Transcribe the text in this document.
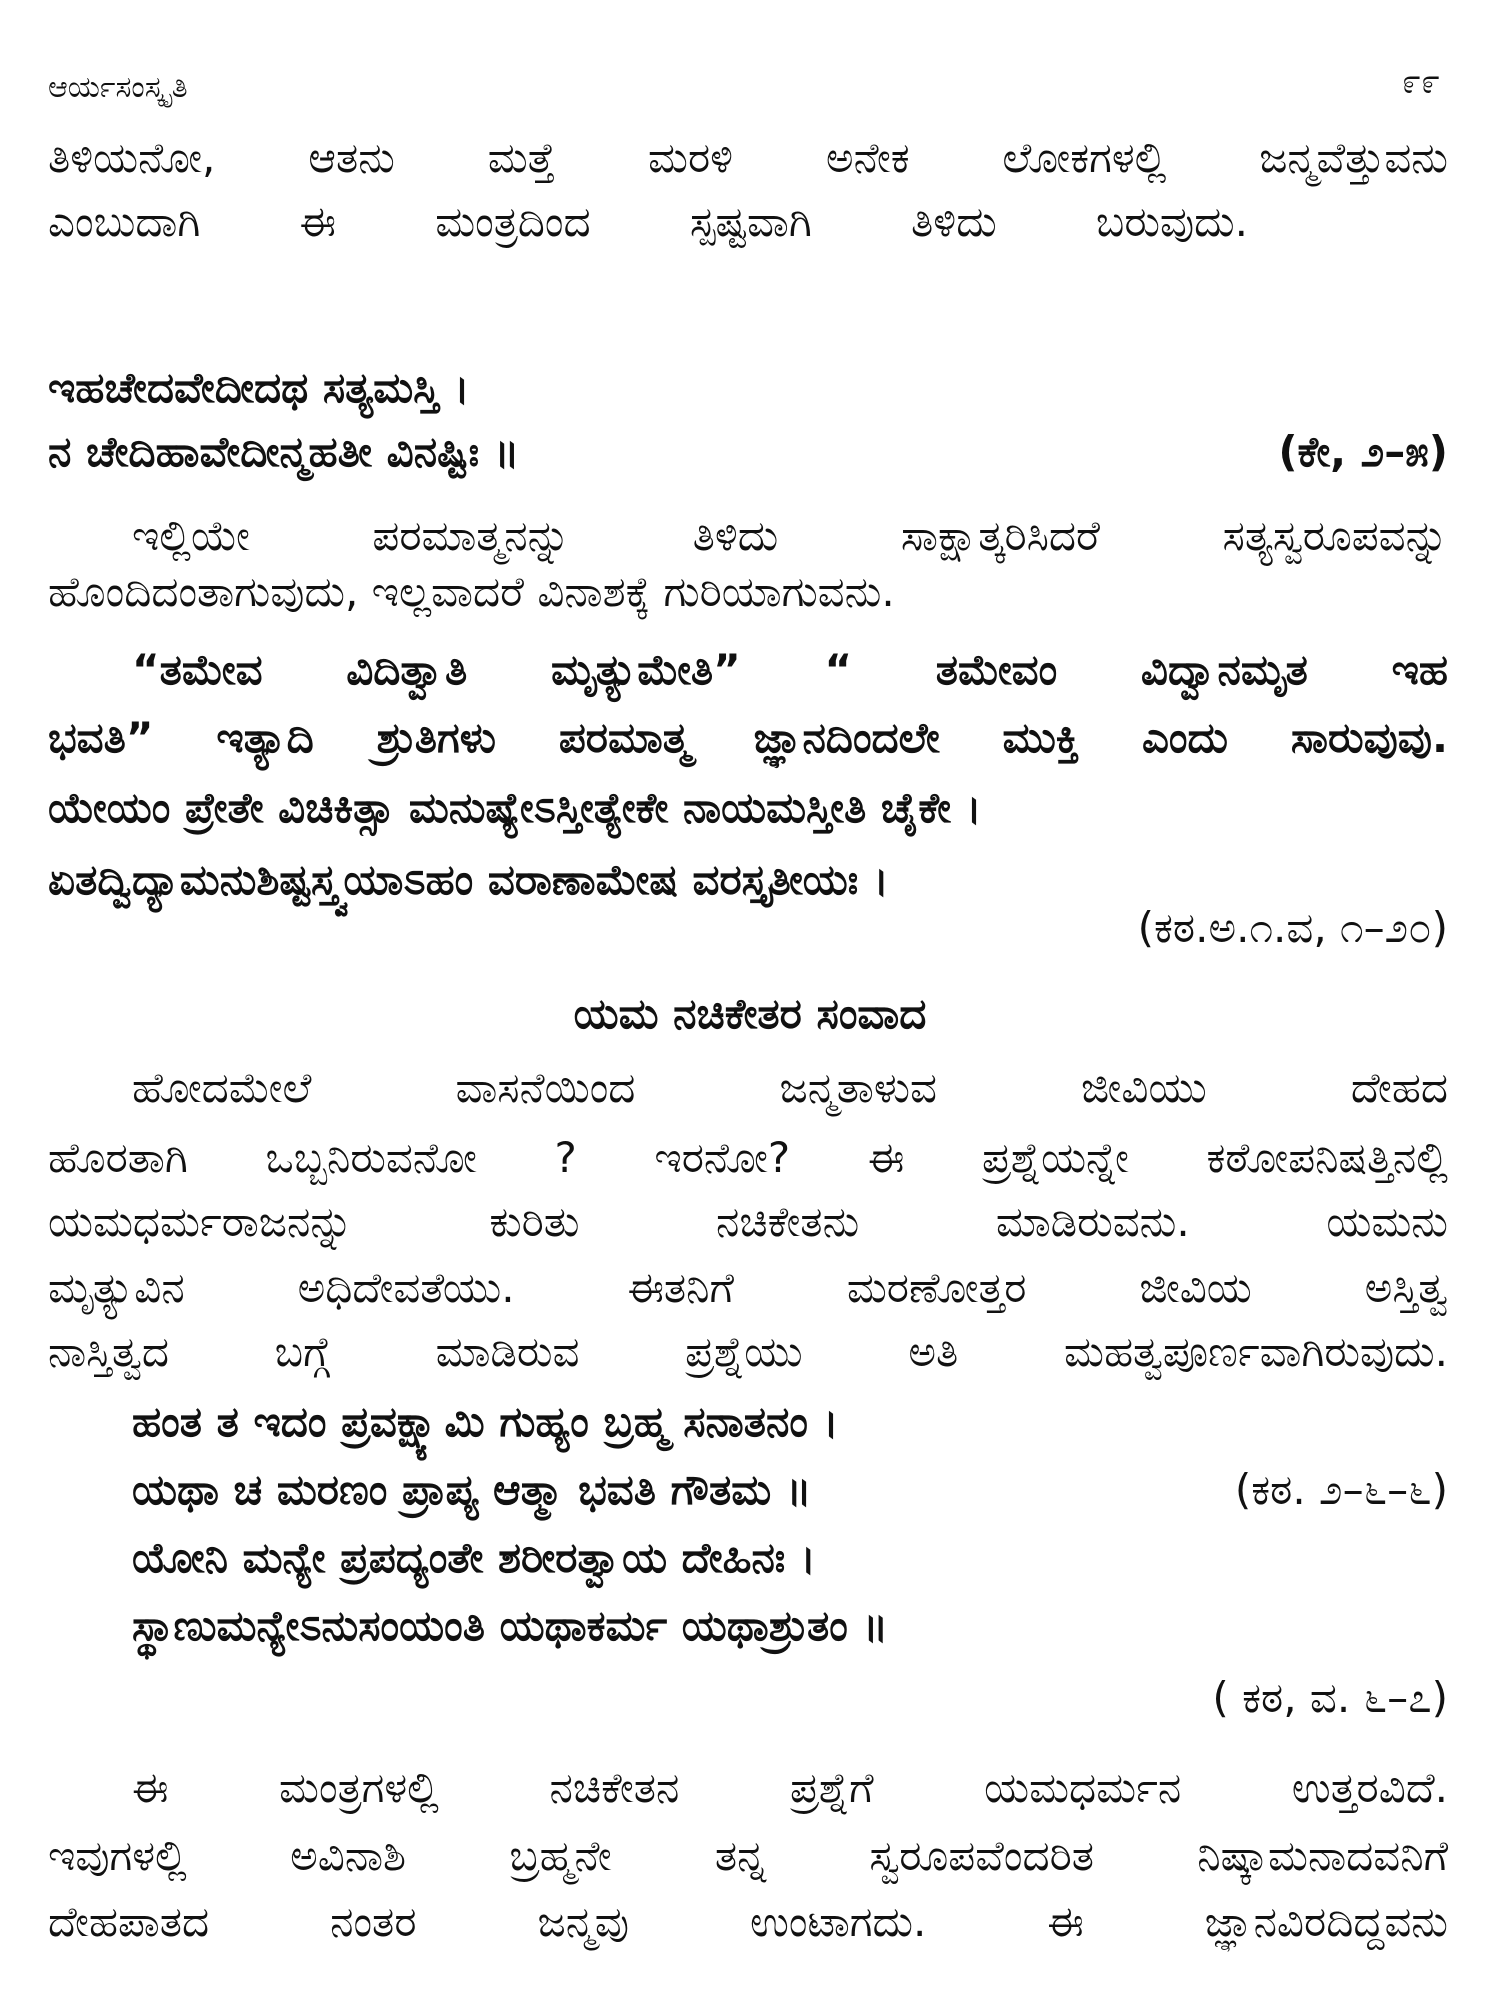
ಆರ್ಯಸಂಸ್ಕೃತಿ	೯೯
ತಿಳಿಯನೋ, ಆತನು ಮತ್ತೆ ಮರಳಿ ಅನೇಕ ಲೋಕಗಳಲ್ಲಿ ಜನ್ಮವೆತ್ತುವನು
ಎಂಬುದಾಗಿ ಈ ಮಂತ್ರದಿಂದ ಸ್ಪಷ್ಟವಾಗಿ ತಿಳಿದು ಬರುವುದು.
ಇಹಚೇದವೇದೀದಥ ಸತ್ಯಮಸ್ತಿ ।
ನ ಚೇದಿಹಾವೇದೀನ್ಮಹತೀ ವಿನಷ್ಟಿಃ ॥	(ಕೇ, ೨–೫)
ಇಲ್ಲಿಯೇ ಪರಮಾತ್ಮನನ್ನು ತಿಳಿದು ಸಾಕ್ಷಾತ್ಕರಿಸಿದರೆ ಸತ್ಯಸ್ವರೂಪವನ್ನು
ಹೊಂದಿದಂತಾಗುವುದು, ಇಲ್ಲವಾದರೆ ವಿನಾಶಕ್ಕೆ ಗುರಿಯಾಗುವನು.
“ತಮೇವ ವಿದಿತ್ವಾತಿ ಮೃತ್ಯುಮೇತಿ” “ ತಮೇವಂ ವಿದ್ವಾನಮೃತ ಇಹ
ಭವತಿ” ಇತ್ಯಾದಿ ಶ್ರುತಿಗಳು ಪರಮಾತ್ಮ ಜ್ಞಾನದಿಂದಲೇ ಮುಕ್ತಿ ಎಂದು ಸಾರುವುವು.
ಯೇಯಂ ಪ್ರೇತೇ ವಿಚಿಕಿತ್ಸಾ ಮನುಷ್ಯೇಽಸ್ತೀತ್ಯೇಕೇ ನಾಯಮಸ್ತೀತಿ ಚೈಕೇ ।
ಏತದ್ವಿದ್ಯಾಮನುಶಿಷ್ಟಸ್ತ್ವಯಾಽಹಂ ವರಾಣಾಮೇಷ ವರಸ್ತೃತೀಯಃ ।
(ಕಠ.ಅ.೧.ವ, ೧–೨೦)
ಯಮ ನಚಿಕೇತರ ಸಂವಾದ
ಹೋದಮೇಲೆ ವಾಸನೆಯಿಂದ ಜನ್ಮತಾಳುವ ಜೀವಿಯು ದೇಹದ
ಹೊರತಾಗಿ ಒಬ್ಬನಿರುವನೋ ? ಇರನೋ? ಈ ಪ್ರಶ್ನೆಯನ್ನೇ ಕಠೋಪನಿಷತ್ತಿನಲ್ಲಿ
ಯಮಧರ್ಮರಾಜನನ್ನು ಕುರಿತು ನಚಿಕೇತನು ಮಾಡಿರುವನು. ಯಮನು
ಮೃತ್ಯುವಿನ ಅಧಿದೇವತೆಯು. ಈತನಿಗೆ ಮರಣೋತ್ತರ ಜೀವಿಯ ಅಸ್ತಿತ್ವ
ನಾಸ್ತಿತ್ವದ ಬಗ್ಗೆ ಮಾಡಿರುವ ಪ್ರಶ್ನೆಯು ಅತಿ ಮಹತ್ವಪೂರ್ಣವಾಗಿರುವುದು.
ಹಂತ ತ ಇದಂ ಪ್ರವಕ್ಷ್ಯಾಮಿ ಗುಹ್ಯಂ ಬ್ರಹ್ಮ ಸನಾತನಂ ।
ಯಥಾ ಚ ಮರಣಂ ಪ್ರಾಪ್ಯ ಆತ್ಮಾ ಭವತಿ ಗೌತಮ ॥	(ಕಠ. ೨–೬–೬)
ಯೋನಿ ಮನ್ಯೇ ಪ್ರಪದ್ಯಂತೇ ಶರೀರತ್ವಾಯ ದೇಹಿನಃ ।
ಸ್ಥಾಣುಮನ್ಯೇಽನುಸಂಯಂತಿ ಯಥಾಕರ್ಮ ಯಥಾಶ್ರುತಂ ॥
( ಕಠ, ವ. ೬–೭)
ಈ ಮಂತ್ರಗಳಲ್ಲಿ ನಚಿಕೇತನ ಪ್ರಶ್ನೆಗೆ ಯಮಧರ್ಮನ ಉತ್ತರವಿದೆ.
ಇವುಗಳಲ್ಲಿ ಅವಿನಾಶಿ ಬ್ರಹ್ಮನೇ ತನ್ನ ಸ್ವರೂಪವೆಂದರಿತ ನಿಷ್ಕಾಮನಾದವನಿಗೆ
ದೇಹಪಾತದ ನಂತರ ಜನ್ಮವು ಉಂಟಾಗದು. ಈ ಜ್ಞಾನವಿರದಿದ್ದವನು
